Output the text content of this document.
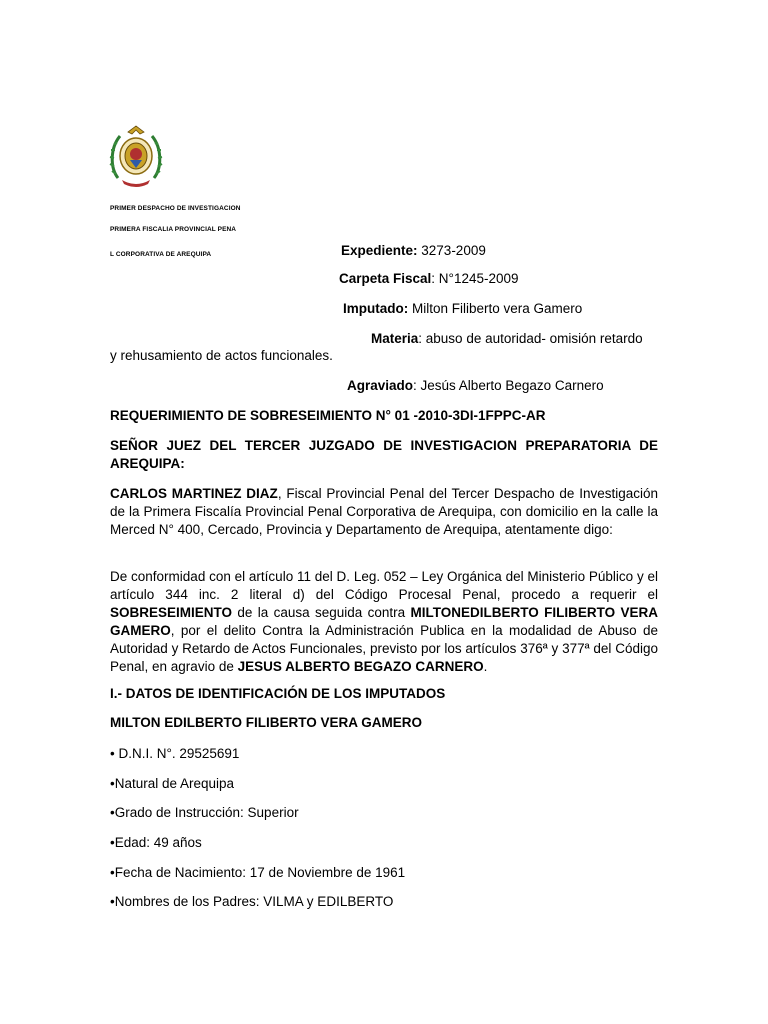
PRIMER DESPACHO DE INVESTIGACION
PRIMERA FISCALIA PROVINCIAL PENA
L CORPORATIVA DE AREQUIPA	Expediente: 3273-2009
Carpeta Fiscal: N°1245-2009
Imputado: Milton Filiberto vera Gamero
Materia: abuso de autoridad- omisión retardo
y rehusamiento de actos funcionales.
Agraviado: Jesús Alberto Begazo Carnero
REQUERIMIENTO DE SOBRESEIMIENTO N° 01 -2010-3DI-1FPPC-AR
SEÑOR JUEZ DEL TERCER JUZGADO DE INVESTIGACION PREPARATORIA DE AREQUIPA:
CARLOS MARTINEZ DIAZ, Fiscal Provincial Penal del Tercer Despacho de Investigación de la Primera Fiscalía Provincial Penal Corporativa de Arequipa, con domicilio en la calle la Merced N° 400, Cercado, Provincia y Departamento de Arequipa, atentamente digo:
De conformidad con el artículo 11 del D. Leg. 052 – Ley Orgánica del Ministerio Público y el artículo 344 inc. 2 literal d) del Código Procesal Penal, procedo a requerir el SOBRESEIMIENTO de la causa seguida contra MILTONEDILBERTO FILIBERTO VERA GAMERO, por el delito Contra la Administración Publica en la modalidad de Abuso de Autoridad y Retardo de Actos Funcionales, previsto por los artículos 376ª y 377ª del Código Penal, en agravio de JESUS ALBERTO BEGAZO CARNERO.
I.- DATOS DE IDENTIFICACIÓN DE LOS IMPUTADOS
MILTON EDILBERTO FILIBERTO VERA GAMERO
• D.N.I. N°. 29525691
•Natural de Arequipa
•Grado de Instrucción: Superior
•Edad: 49 años
•Fecha de Nacimiento: 17 de Noviembre de 1961
•Nombres de los Padres: VILMA y EDILBERTO
